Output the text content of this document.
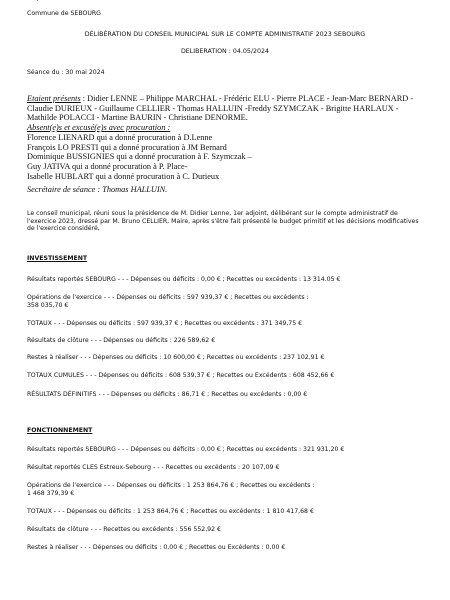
Commune de SEBOURG
DÉLIBÉRATION DU CONSEIL MUNICIPAL SUR LE COMPTE ADMINISTRATIF 2023 SEBOURG
DELIBERATION : 04.05/2024
Séance du : 30 mai 2024
Etaient présents : Didier LENNE – Philippe MARCHAL - Frédéric ELU - Pierre PLACE - Jean-Marc BERNARD - Claudie DURIEUX - Guillaume CELLIER - Thomas HALLUIN -Freddy SZYMCZAK - Brigitte HARLAUX - Mathilde POLACCI - Martine BAURIN - Christiane DENORME.
Absent(e)s et excusé(e)s avec procuration :
Florence LIENARD qui a donné procuration à D.Lenne
François LO PRESTI qui a donné procuration à JM Bernard
Dominique BUSSIGNIES qui a donné procuration à F. Szymczak –
Guy JATIVA qui a donné procuration à P. Place-
Isabelle HUBLART qui a donné procuration à C. Durieux
Secrétaire de séance : Thomas HALLUIN.
Le conseil municipal, réuni sous la présidence de M. Didier Lenne, 1er adjoint, délibérant sur le compte administratif de l'exercice 2023, dressé par M. Bruno CELLIER, Maire, après s'être fait présenté le budget primitif et les décisions modificatives de l'exercice considéré,
INVESTISSEMENT
Résultats reportés SEBOURG - - - Dépenses ou déficits : 0,00 € ; Recettes ou excédents : 13 314.05 €
Opérations de l'exercice - - - Dépenses ou déficits : 597 939,37 € ; Recettes ou excédents :
358 035,70 €
TOTAUX - - - Dépenses ou déficits : 597 939,37 € ; Recettes ou excédents : 371 349,75 €
Résultats de clôture - - - Dépenses ou déficits : 226 589,62 €
Restes à réaliser - - - Dépenses ou déficits : 10 600,00 € ; Recettes ou excédents : 237 102,91 €
TOTAUX CUMULES - - - Dépenses ou déficits : 608 539,37 € ; Recettes ou Excédents : 608 452,66 €
RÉSULTATS DÉFINITIFS - - - Dépenses ou déficits : 86,71 € ; Recettes ou excédents : 0,00 €
FONCTIONNEMENT
Résultats reportés SEBOURG - - - Dépenses ou déficits : 0,00 € ; Recettes ou excédents : 321 931,20 €
Résultat reportés CLES Estreux-Sebourg - - - Recettes ou excédents : 20 107,09 €
Opérations de l'exercice - - - Dépenses ou déficits : 1 253 864,76 € ; Recettes ou excédents :
1 468 379,39 €
TOTAUX - - - Dépenses ou déficits : 1 253 864,76 € ; Recettes ou excédents : 1 810 417,68 €
Résultats de clôture - - - Recettes ou excédents : 556 552,92 €
Restes à réaliser - - - Dépenses ou déficits : 0,00 € ; Recettes ou Excédents : 0,00 €
